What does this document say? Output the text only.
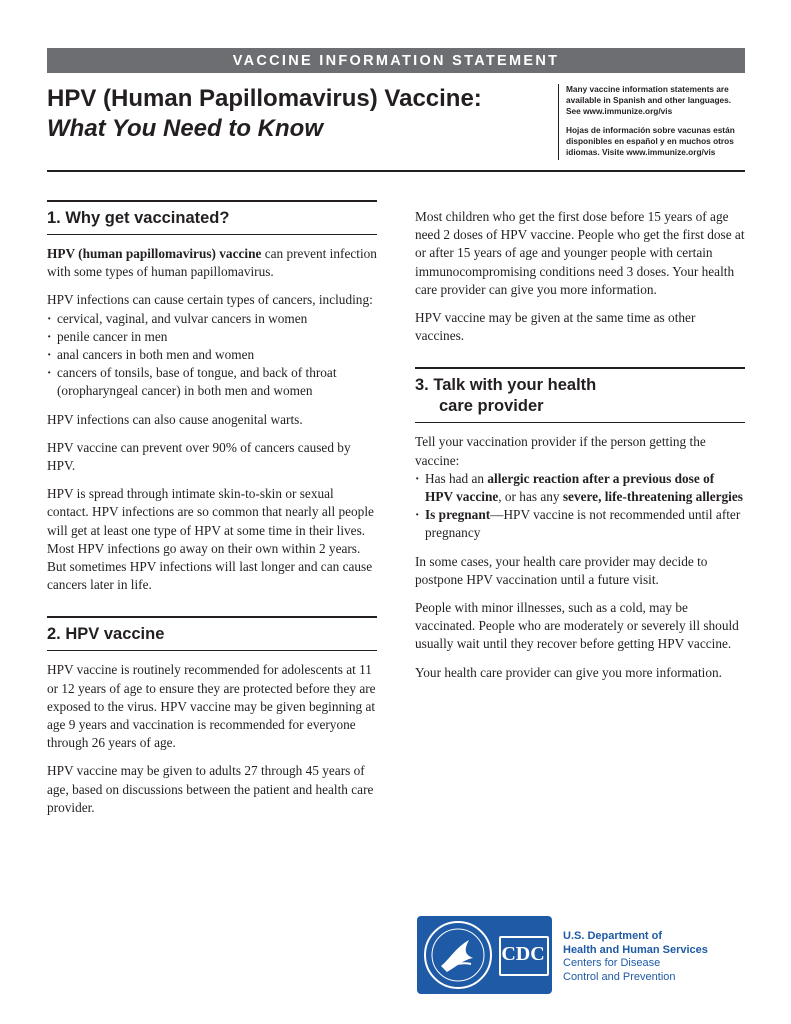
VACCINE INFORMATION STATEMENT
HPV (Human Papillomavirus) Vaccine:
What You Need to Know

Many vaccine information statements are available in Spanish and other languages. See www.immunize.org/vis

Hojas de información sobre vacunas están disponibles en español y en muchos otros idiomas. Visite www.immunize.org/vis

1. Why get vaccinated?

HPV (human papillomavirus) vaccine can prevent infection with some types of human papillomavirus.

HPV infections can cause certain types of cancers, including:

· cervical, vaginal, and vulvar cancers in women
· penile cancer in men
· anal cancers in both men and women
· cancers of tonsils, base of tongue, and back of throat (oropharyngeal cancer) in both men and women

HPV infections can also cause anogenital warts.

HPV vaccine can prevent over 90% of cancers caused by HPV.

HPV is spread through intimate skin-to-skin or sexual contact. HPV infections are so common that nearly all people will get at least one type of HPV at some time in their lives. Most HPV infections go away on their own within 2 years. But sometimes HPV infections will last longer and can cause cancers later in life.

2. HPV vaccine

HPV vaccine is routinely recommended for adolescents at 11 or 12 years of age to ensure they are protected before they are exposed to the virus. HPV vaccine may be given beginning at age 9 years and vaccination is recommended for everyone through 26 years of age.

HPV vaccine may be given to adults 27 through 45 years of age, based on discussions between the patient and health care provider.

Most children who get the first dose before 15 years of age need 2 doses of HPV vaccine. People who get the first dose at or after 15 years of age and younger people with certain immunocompromising conditions need 3 doses. Your health care provider can give you more information.

HPV vaccine may be given at the same time as other vaccines.

3. Talk with your health
care provider

Tell your vaccination provider if the person getting the vaccine:

· Has had an allergic reaction after a previous dose of HPV vaccine, or has any severe, life-threatening allergies
· Is pregnant—HPV vaccine is not recommended until after pregnancy

In some cases, your health care provider may decide to postpone HPV vaccination until a future visit.

People with minor illnesses, such as a cold, may be vaccinated. People who are moderately or severely ill should usually wait until they recover before getting HPV vaccine.

Your health care provider can give you more information.

CDC
U.S. Department of
Health and Human Services
Centers for Disease
Control and Prevention
